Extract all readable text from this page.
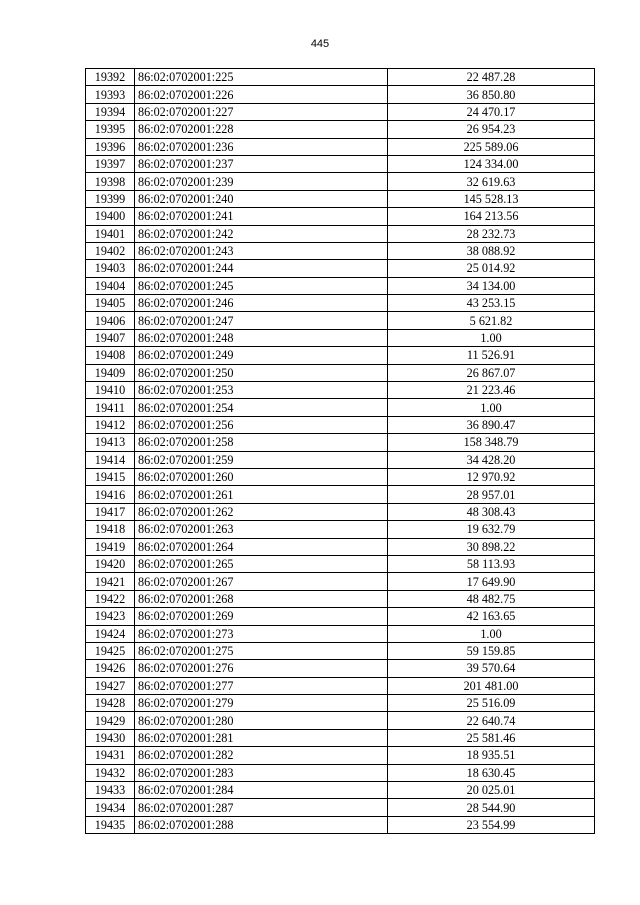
445
19392	86:02:0702001:225	22 487.28
19393	86:02:0702001:226	36 850.80
19394	86:02:0702001:227	24 470.17
19395	86:02:0702001:228	26 954.23
19396	86:02:0702001:236	225 589.06
19397	86:02:0702001:237	124 334.00
19398	86:02:0702001:239	32 619.63
19399	86:02:0702001:240	145 528.13
19400	86:02:0702001:241	164 213.56
19401	86:02:0702001:242	28 232.73
19402	86:02:0702001:243	38 088.92
19403	86:02:0702001:244	25 014.92
19404	86:02:0702001:245	34 134.00
19405	86:02:0702001:246	43 253.15
19406	86:02:0702001:247	5 621.82
19407	86:02:0702001:248	1.00
19408	86:02:0702001:249	11 526.91
19409	86:02:0702001:250	26 867.07
19410	86:02:0702001:253	21 223.46
19411	86:02:0702001:254	1.00
19412	86:02:0702001:256	36 890.47
19413	86:02:0702001:258	158 348.79
19414	86:02:0702001:259	34 428.20
19415	86:02:0702001:260	12 970.92
19416	86:02:0702001:261	28 957.01
19417	86:02:0702001:262	48 308.43
19418	86:02:0702001:263	19 632.79
19419	86:02:0702001:264	30 898.22
19420	86:02:0702001:265	58 113.93
19421	86:02:0702001:267	17 649.90
19422	86:02:0702001:268	48 482.75
19423	86:02:0702001:269	42 163.65
19424	86:02:0702001:273	1.00
19425	86:02:0702001:275	59 159.85
19426	86:02:0702001:276	39 570.64
19427	86:02:0702001:277	201 481.00
19428	86:02:0702001:279	25 516.09
19429	86:02:0702001:280	22 640.74
19430	86:02:0702001:281	25 581.46
19431	86:02:0702001:282	18 935.51
19432	86:02:0702001:283	18 630.45
19433	86:02:0702001:284	20 025.01
19434	86:02:0702001:287	28 544.90
19435	86:02:0702001:288	23 554.99
